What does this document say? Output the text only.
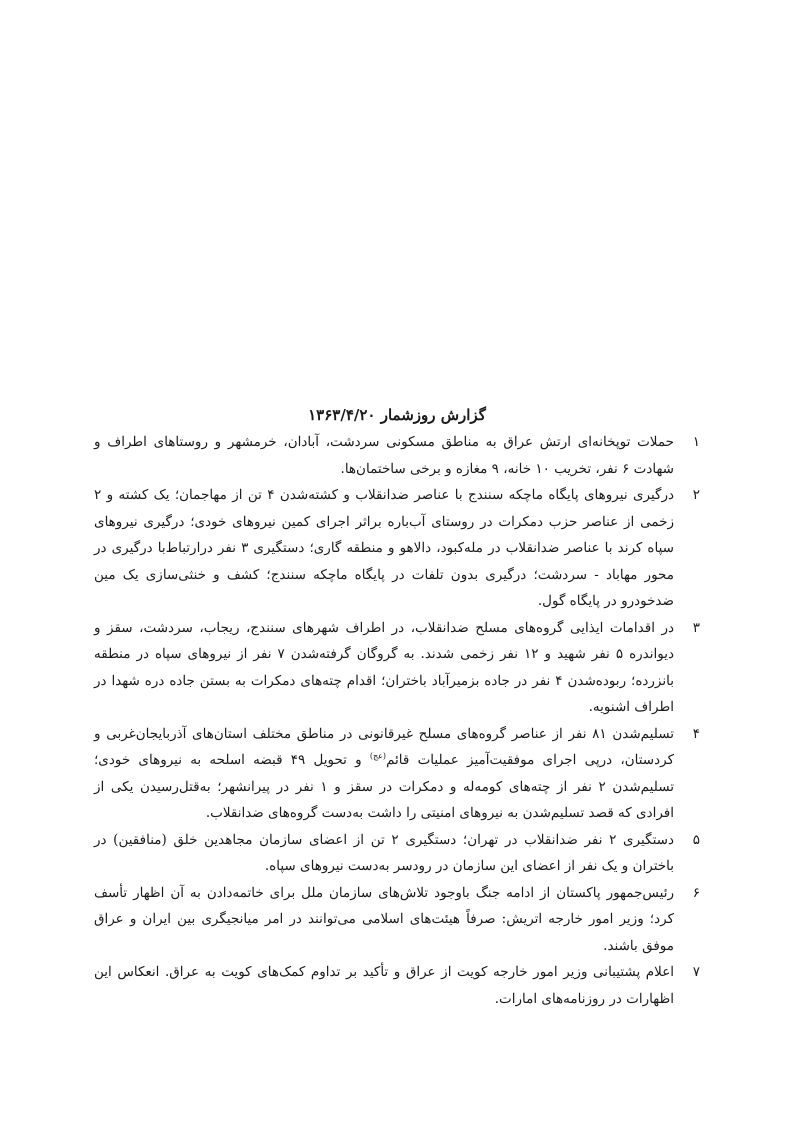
گزارش روزشمار ۱۳۶۳/۴/۲۰
۱
حملات توپخانه‌ای ارتش عراق به مناطق مسکونی سردشت، آبادان، خرمشهر و روستاهای اطراف و شهادت ۶ نفر، تخریب ۱۰ خانه، ۹ مغازه و برخی ساختمان‌ها.
۲
درگیری نیروهای پایگاه ماچکه سنندج با عناصر ضدانقلاب و کشته‌شدن ۴ تن از مهاجمان؛ یک کشته و ۲ زخمی از عناصر حزب دمکرات در روستای آب‌باره براثر اجرای کمین نیروهای خودی؛ درگیری نیروهای سپاه کرند با عناصر ضدانقلاب در مله‌کبود، دالاهو و منطقه گاری؛ دستگیری ۳ نفر درارتباط‌با درگیری در محور مهاباد - سردشت؛ درگیری بدون تلفات در پایگاه ماچکه سنندج؛ کشف و خنثی‌سازی یک مین ضدخودرو در پایگاه گول.
۳
در اقدامات ایذایی گروه‌های مسلح ضدانقلاب، در اطراف شهرهای سنندج، ریجاب، سردشت، سقز و دیواندره ۵ نفر شهید و ۱۲ نفر زخمی شدند. به گروگان گرفته‌شدن ۷ نفر از نیروهای سپاه در منطقه بانزرده؛ ربوده‌شدن ۴ نفر در جاده بزمیرآباد باختران؛ اقدام چته‌های دمکرات به بستن جاده دره شهدا در اطراف اشنویه.
۴
تسلیم‌شدن ۸۱ نفر از عناصر گروه‌های مسلح غیرقانونی در مناطق مختلف استان‌های آذربایجان‌غربی و کردستان، درپی اجرای موفقیت‌آمیز عملیات قائم$^{(عج)}$ و تحویل ۴۹ قبضه اسلحه به نیروهای خودی؛ تسلیم‌شدن ۲ نفر از چته‌های کومه‌له و دمکرات در سقز و ۱ نفر در پیرانشهر؛ به‌قتل‌رسیدن یکی از افرادی که قصد تسلیم‌شدن به نیروهای امنیتی را داشت به‌دست گروه‌های ضدانقلاب.
۵
دستگیری ۲ نفر ضدانقلاب در تهران؛ دستگیری ۲ تن از اعضای سازمان مجاهدین خلق (منافقین) در باختران و یک نفر از اعضای این سازمان در رودسر به‌دست نیروهای سپاه.
۶
رئیس‌جمهور پاکستان از ادامه جنگ باوجود تلاش‌های سازمان ملل برای خاتمه‌دادن به آن اظهار تأسف کرد؛ وزیر امور خارجه اتریش: صرفاً هیئت‌های اسلامی می‌توانند در امر میانجیگری بین ایران و عراق موفق باشند.
۷
اعلام پشتیبانی وزیر امور خارجه کویت از عراق و تأکید بر تداوم کمک‌های کویت به عراق. انعکاس این اظهارات در روزنامه‌های امارات.
